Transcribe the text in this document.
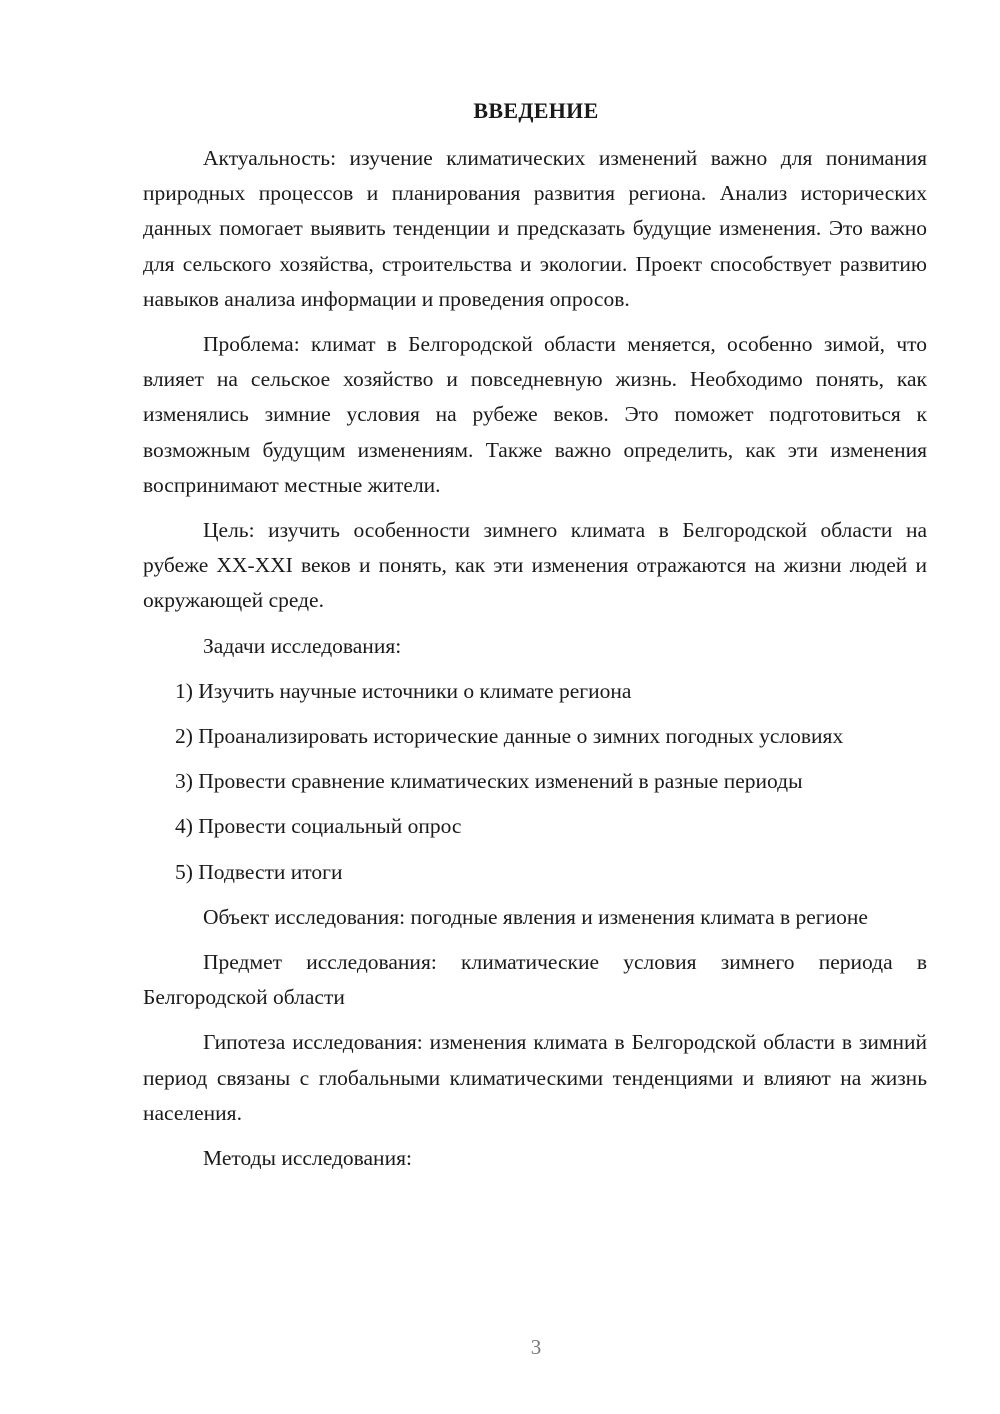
ВВЕДЕНИЕ

Актуальность: изучение климатических изменений важно для понимания природных процессов и планирования развития региона. Анализ исторических данных помогает выявить тенденции и предсказать будущие изменения. Это важно для сельского хозяйства, строительства и экологии. Проект способствует развитию навыков анализа информации и проведения опросов.

Проблема: климат в Белгородской области меняется, особенно зимой, что влияет на сельское хозяйство и повседневную жизнь. Необходимо понять, как изменялись зимние условия на рубеже веков. Это поможет подготовиться к возможным будущим изменениям. Также важно определить, как эти изменения воспринимают местные жители.

Цель: изучить особенности зимнего климата в Белгородской области на рубеже XX-XXI веков и понять, как эти изменения отражаются на жизни людей и окружающей среде.

Задачи исследования:

1) Изучить научные источники о климате региона

2) Проанализировать исторические данные о зимних погодных условиях

3) Провести сравнение климатических изменений в разные периоды

4) Провести социальный опрос

5) Подвести итоги

Объект исследования: погодные явления и изменения климата в регионе

Предмет исследования: климатические условия зимнего периода в Белгородской области

Гипотеза исследования: изменения климата в Белгородской области в зимний период связаны с глобальными климатическими тенденциями и влияют на жизнь населения.

Методы исследования:

3
